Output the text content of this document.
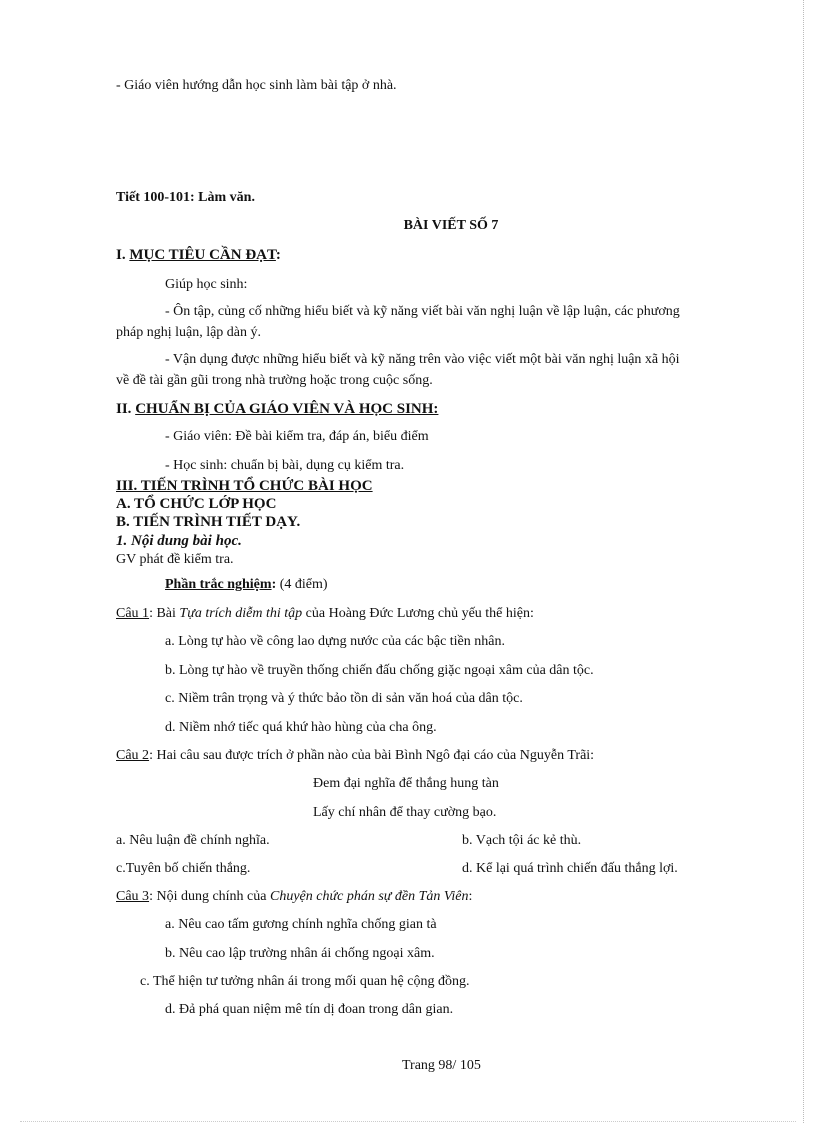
- Giáo viên hướng dẫn học sinh làm bài tập ở nhà.
Tiết 100-101: Làm văn.
BÀI VIẾT SỐ 7
I. MỤC TIÊU CẦN ĐẠT:
Giúp học sinh:
- Ôn tập, củng cố những hiểu biết và kỹ năng viết bài văn nghị luận về lập luận, các phương
pháp nghị luận, lập dàn ý.
- Vận dụng được những hiểu biết và kỹ năng trên vào việc viết một bài văn nghị luận xã hội
về đề tài gần gũi trong nhà trường hoặc trong cuộc sống.
II. CHUẨN BỊ CỦA GIÁO VIÊN VÀ HỌC SINH:
- Giáo viên: Đề bài kiểm tra, đáp án, biểu điểm
- Học sinh: chuẩn bị bài, dụng cụ kiểm tra.
III. TIẾN TRÌNH TỔ CHỨC BÀI HỌC
A. TỔ CHỨC LỚP HỌC
B. TIẾN TRÌNH TIẾT DẠY.
1. Nội dung bài học.
GV phát đề kiểm tra.
Phần trắc nghiệm: (4 điểm)
Câu 1: Bài Tựa trích diễm thi tập của Hoàng Đức Lương chủ yếu thể hiện:
a. Lòng tự hào về công lao dựng nước của các bậc tiền nhân.
b. Lòng tự hào về truyền thống chiến đấu chống giặc ngoại xâm của dân tộc.
c. Niềm trân trọng và ý thức bảo tồn di sản văn hoá của dân tộc.
d. Niềm nhớ tiếc quá khứ hào hùng của cha ông.
Câu 2: Hai câu sau được trích ở phần nào của bài Bình Ngô đại cáo của Nguyễn Trãi:
Đem đại nghĩa để thắng hung tàn
Lấy chí nhân để thay cường bạo.
a. Nêu luận đề chính nghĩa.	b. Vạch tội ác kẻ thù.
c.Tuyên bố chiến thắng.	d. Kể lại quá trình chiến đấu thắng lợi.
Câu 3: Nội dung chính của Chuyện chức phán sự đền Tản Viên:
a. Nêu cao tấm gương chính nghĩa chống gian tà
b. Nêu cao lập trường nhân ái chống ngoại xâm.
c. Thể hiện tư tưởng nhân ái trong mối quan hệ cộng đồng.
d. Đả phá quan niệm mê tín dị đoan trong dân gian.
Trang 98/ 105
